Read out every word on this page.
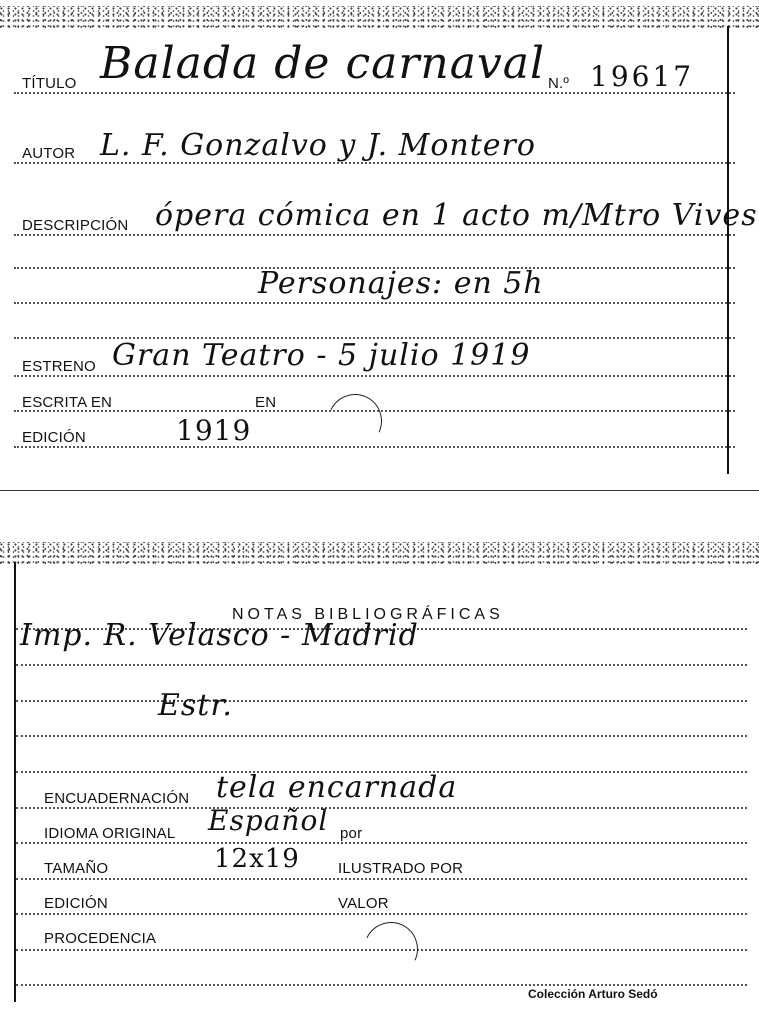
TÍTULO Balada de carnaval N.º 19617
AUTOR L. F. Gonzalvo y J. Montero
DESCRIPCIÓN ópera cómica en 1 acto m/Mtro Vives
Personajes: en 5h
ESTRENO Gran Teatro - 5 julio 1919
ESCRITA EN	EN
EDICIÓN	1919
NOTAS BIBLIOGRÁFICAS
Imp. R. Velasco - Madrid
Estr.
ENCUADERNACIÓN tela encarnada
IDIOMA ORIGINAL Español por
TAMAÑO	12x19	ILUSTRADO POR
EDICIÓN	VALOR
PROCEDENCIA
Colección Arturo Sedó
